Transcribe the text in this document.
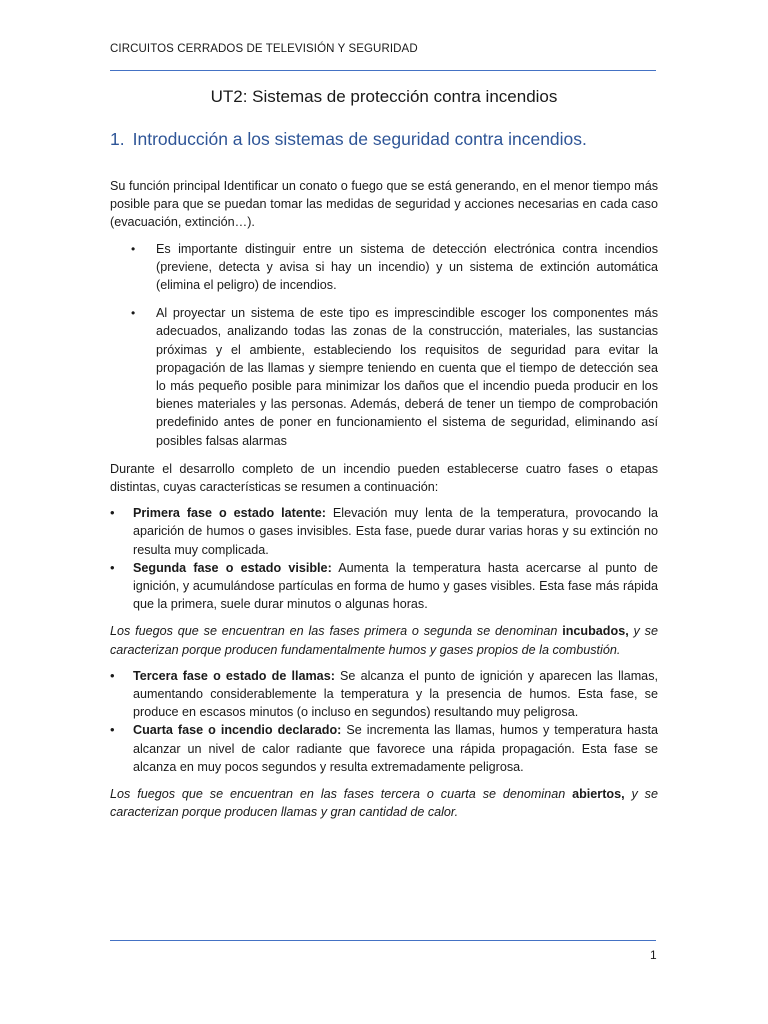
CIRCUITOS CERRADOS DE TELEVISIÓN Y SEGURIDAD
UT2: Sistemas de protección contra incendios
1. Introducción a los sistemas de seguridad contra incendios.

Su función principal Identificar un conato o fuego que se está generando, en el menor tiempo más posible para que se puedan tomar las medidas de seguridad y acciones necesarias en cada caso (evacuación, extinción…).

• Es importante distinguir entre un sistema de detección electrónica contra incendios (previene, detecta y avisa si hay un incendio) y un sistema de extinción automática (elimina el peligro) de incendios.
• Al proyectar un sistema de este tipo es imprescindible escoger los componentes más adecuados, analizando todas las zonas de la construcción, materiales, las sustancias próximas y el ambiente, estableciendo los requisitos de seguridad para evitar la propagación de las llamas y siempre teniendo en cuenta que el tiempo de detección sea lo más pequeño posible para minimizar los daños que el incendio pueda producir en los bienes materiales y las personas. Además, deberá de tener un tiempo de comprobación predefinido antes de poner en funcionamiento el sistema de seguridad, eliminando así posibles falsas alarmas

Durante el desarrollo completo de un incendio pueden establecerse cuatro fases o etapas distintas, cuyas características se resumen a continuación:

• Primera fase o estado latente: Elevación muy lenta de la temperatura, provocando la aparición de humos o gases invisibles. Esta fase, puede durar varias horas y su extinción no resulta muy complicada.
• Segunda fase o estado visible: Aumenta la temperatura hasta acercarse al punto de ignición, y acumulándose partículas en forma de humo y gases visibles. Esta fase más rápida que la primera, suele durar minutos o algunas horas.

Los fuegos que se encuentran en las fases primera o segunda se denominan incubados, y se caracterizan porque producen fundamentalmente humos y gases propios de la combustión.

• Tercera fase o estado de llamas: Se alcanza el punto de ignición y aparecen las llamas, aumentando considerablemente la temperatura y la presencia de humos. Esta fase, se produce en escasos minutos (o incluso en segundos) resultando muy peligrosa.
• Cuarta fase o incendio declarado: Se incrementa las llamas, humos y temperatura hasta alcanzar un nivel de calor radiante que favorece una rápida propagación. Esta fase se alcanza en muy pocos segundos y resulta extremadamente peligrosa.

Los fuegos que se encuentran en las fases tercera o cuarta se denominan abiertos, y se caracterizan porque producen llamas y gran cantidad de calor.

1
